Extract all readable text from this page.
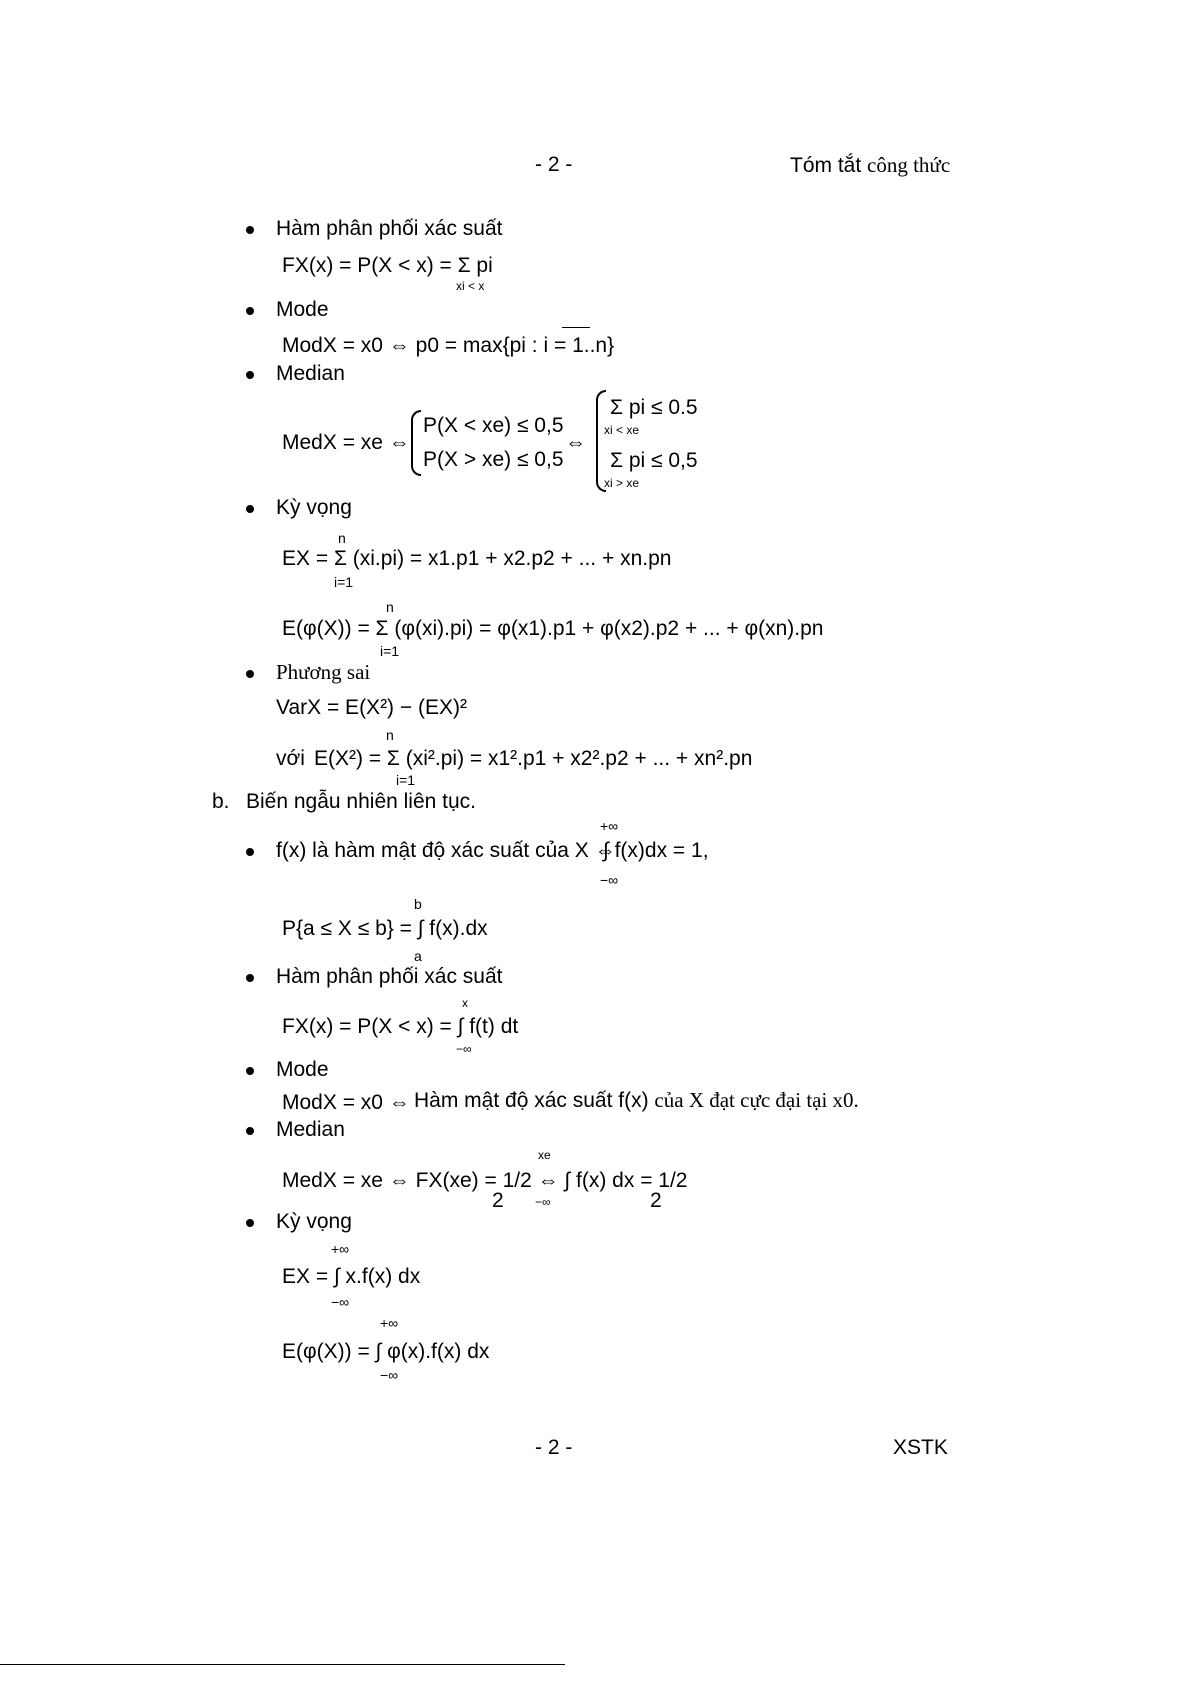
- 2 -	Tóm tắt công thức
Hàm phân phối xác suất
FX(x) = P(X < x) = Σ pi
xi < x
Mode
ModX = x0 ⇔ p0 = max{pi : i = 1..n}
Median
MedX = xe ⇔
P(X < xe) ≤ 0,5
P(X > xe) ≤ 0,5
⇔
Σ pi ≤ 0.5
xi < xe
Σ pi ≤ 0,5
xi > xe
Kỳ vọng
n
EX = Σ (xi.pi) = x1.p1 + x2.p2 + ... + xn.pn
i=1
n
E(φ(X)) = Σ (φ(xi).pi) = φ(x1).p1 + φ(x2).p2 + ... + φ(xn).pn
i=1
Phương sai
VarX = E(X²) − (EX)²
n
với E(X²) = Σ (xi².pi) = x1².p1 + x2².p2 + ... + xn².pn
i=1
b. Biến ngẫu nhiên liên tục.
+∞
f(x) là hàm mật độ xác suất của X ⇔
∫ f(x)dx = 1,
−∞
b
P{a ≤ X ≤ b} = ∫ f(x).dx
a
Hàm phân phối xác suất
x
FX(x) = P(X < x) = ∫ f(t) dt
−∞
Mode
ModX = x0 ⇔ Hàm mật độ xác suất f(x) của X đạt cực đại tại x0.
Median
xe
MedX = xe ⇔ FX(xe) = 1/2 ⇔ ∫ f(x) dx = 1/2
2	2
−∞
Kỳ vọng
+∞
EX = ∫ x.f(x) dx
−∞
+∞
E(φ(X)) = ∫ φ(x).f(x) dx
−∞
- 2 -	XSTK
